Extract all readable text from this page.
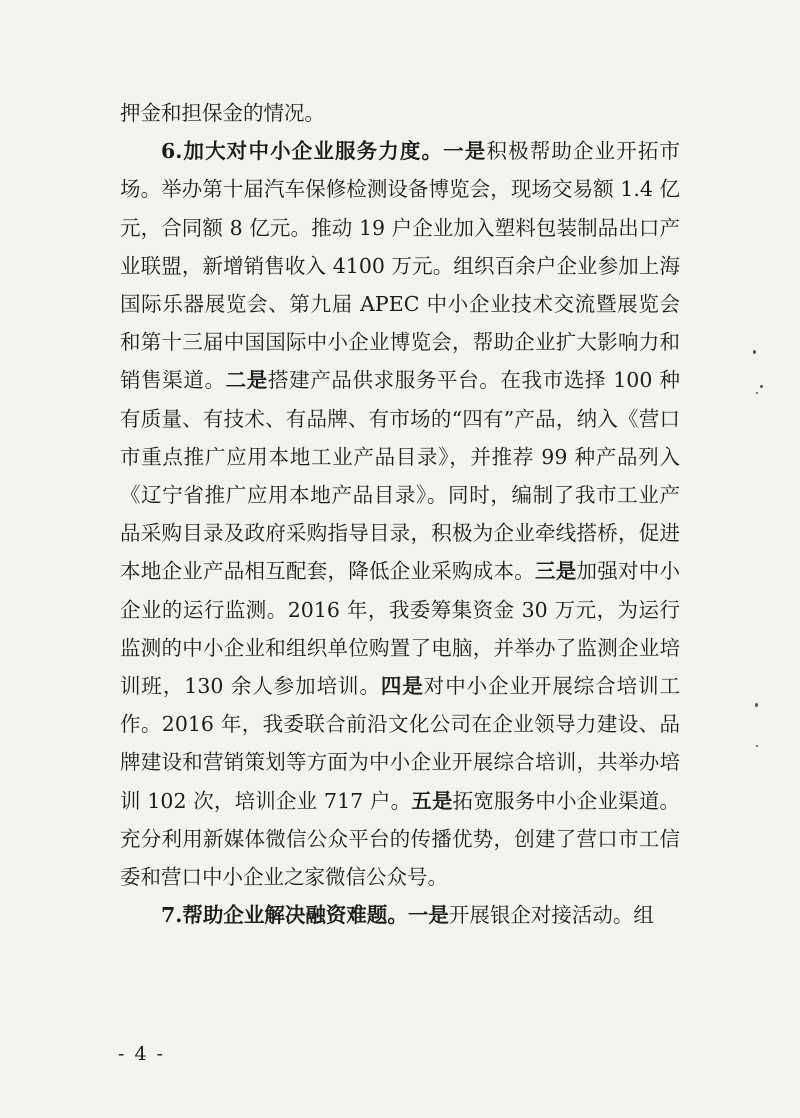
押金和担保金的情况。

6.加大对中小企业服务力度。一是积极帮助企业开拓市场。举办第十届汽车保修检测设备博览会，现场交易额 1.4 亿元，合同额 8 亿元。推动 19 户企业加入塑料包装制品出口产业联盟，新增销售收入 4100 万元。组织百余户企业参加上海国际乐器展览会、第九届 APEC 中小企业技术交流暨展览会和第十三届中国国际中小企业博览会，帮助企业扩大影响力和销售渠道。二是搭建产品供求服务平台。在我市选择 100 种有质量、有技术、有品牌、有市场的“四有”产品，纳入《营口市重点推广应用本地工业产品目录》，并推荐 99 种产品列入《辽宁省推广应用本地产品目录》。同时，编制了我市工业产品采购目录及政府采购指导目录，积极为企业牵线搭桥，促进本地企业产品相互配套，降低企业采购成本。三是加强对中小企业的运行监测。2016 年，我委筹集资金 30 万元，为运行监测的中小企业和组织单位购置了电脑，并举办了监测企业培训班，130 余人参加培训。四是对中小企业开展综合培训工作。2016 年，我委联合前沿文化公司在企业领导力建设、品牌建设和营销策划等方面为中小企业开展综合培训，共举办培训 102 次，培训企业 717 户。五是拓宽服务中小企业渠道。充分利用新媒体微信公众平台的传播优势，创建了营口市工信委和营口中小企业之家微信公众号。

7.帮助企业解决融资难题。一是开展银企对接活动。组

- 4 -
